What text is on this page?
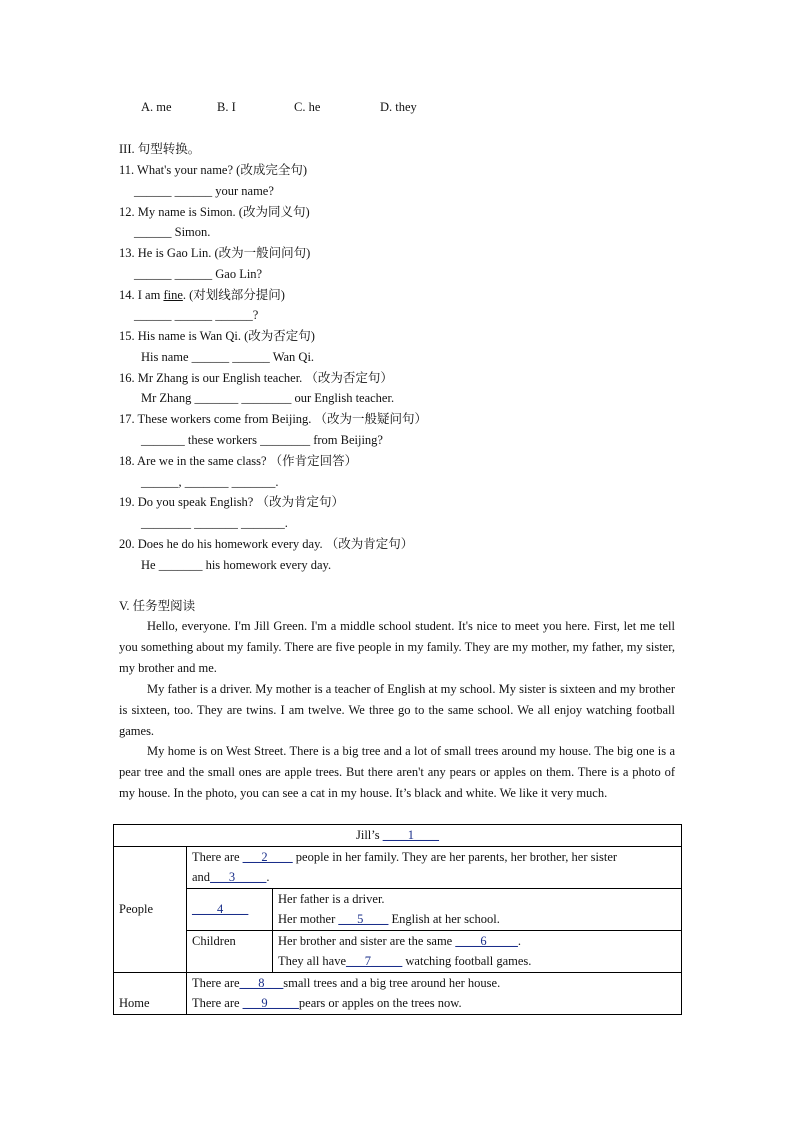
A. me	B. I	C. he	D. they
III. 句型转换。
11. What's your name? (改成完全句)
______ ______ your name?
12. My name is Simon. (改为同义句)
______ Simon.
13. He is Gao Lin. (改为一般问问句)
______ ______ Gao Lin?
14. I am fine. (对划线部分提问)
______ ______ ______?
15. His name is Wan Qi. (改为否定句)
His name ______ ______ Wan Qi.
16. Mr Zhang is our English teacher. （改为否定句）
Mr Zhang _______ ________ our English teacher.
17. These workers come from Beijing. （改为一般疑问句）
_______ these workers ________ from Beijing?
18. Are we in the same class? （作肯定回答）
______, _______ _______.
19. Do you speak English? （改为肯定句）
________ _______ _______.
20. Does he do his homework every day. （改为肯定句）
He _______ his homework every day.
V. 任务型阅读
Hello, everyone. I'm Jill Green. I'm a middle school student. It's nice to meet you here. First, let me tell you something about my family. There are five people in my family. They are my mother, my father, my sister, my brother and me.
My father is a driver. My mother is a teacher of English at my school. My sister is sixteen and my brother is sixteen, too. They are twins. I am twelve. We three go to the same school. We all enjoy watching football games.
My home is on West Street. There is a big tree and a lot of small trees around my house. The big one is a pear tree and the small ones are apple trees. But there aren't any pears or apples on them. There is a photo of my house. In the photo, you can see a cat in my house. It’s black and white. We like it very much.
Jill’s ____1____		
People	There are ___2____ people in her family. They are her parents, her brother, her sister and___3_____.	
	____4____	Her father is a driver.
Her mother ___5____ English at her school.

	Children	Her brother and sister are the same ____6_____.
They all have___7_____ watching football games.

Home	There are___8___small trees and a big tree around her house.
There are ___9_____pears or apples on the trees now.	
